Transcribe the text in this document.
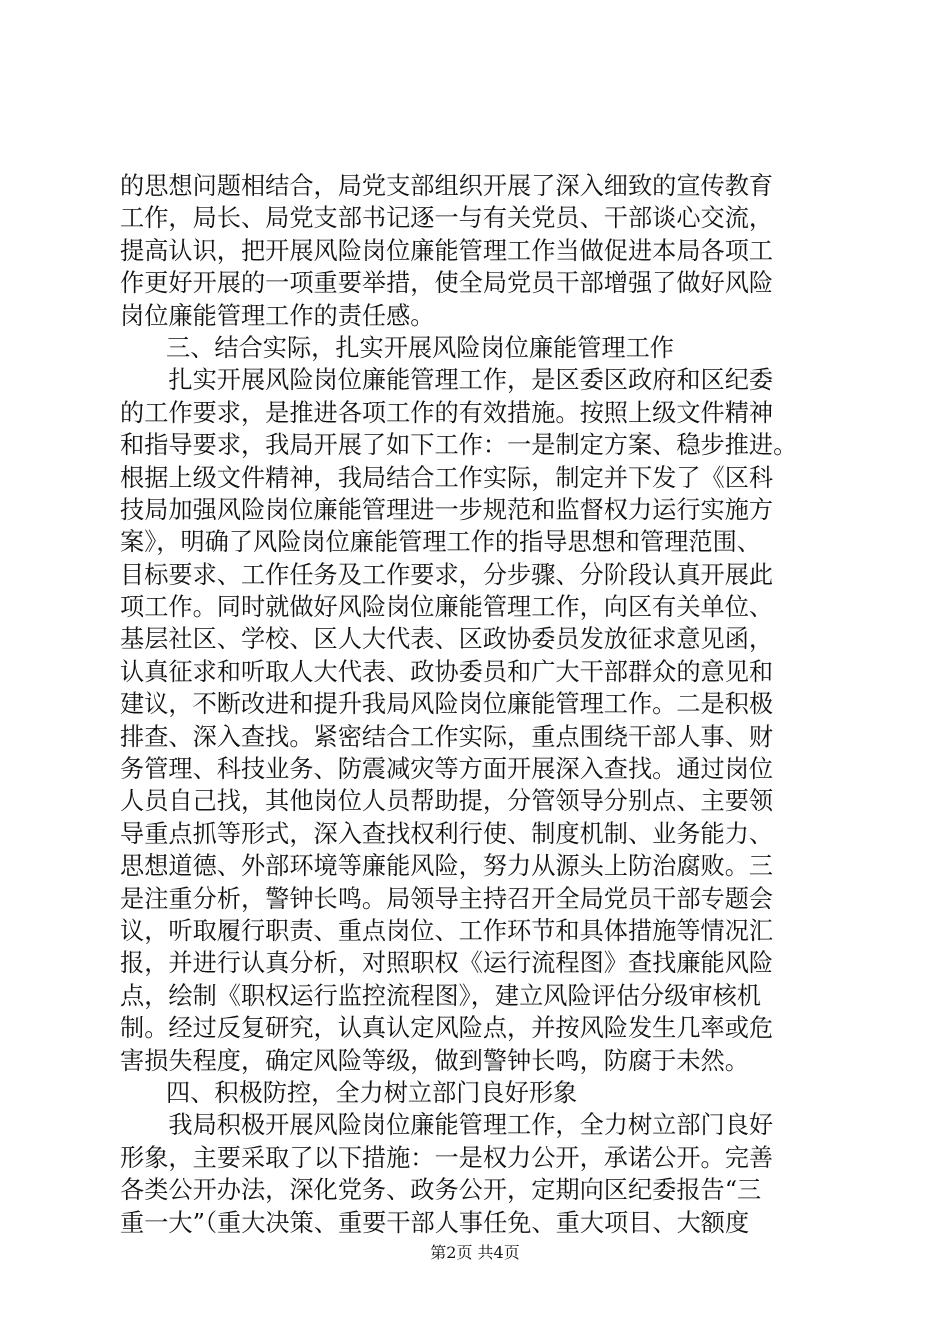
的思想问题相结合，局党支部组织开展了深入细致的宣传教育
工作，局长、局党支部书记逐一与有关党员、干部谈心交流，
提高认识，把开展风险岗位廉能管理工作当做促进本局各项工
作更好开展的一项重要举措，使全局党员干部增强了做好风险
岗位廉能管理工作的责任感。
三、结合实际，扎实开展风险岗位廉能管理工作
　　扎实开展风险岗位廉能管理工作，是区委区政府和区纪委
的工作要求，是推进各项工作的有效措施。按照上级文件精神
和指导要求，我局开展了如下工作：一是制定方案、稳步推进。
根据上级文件精神，我局结合工作实际，制定并下发了《区科
技局加强风险岗位廉能管理进一步规范和监督权力运行实施方
案》，明确了风险岗位廉能管理工作的指导思想和管理范围、
目标要求、工作任务及工作要求，分步骤、分阶段认真开展此
项工作。同时就做好风险岗位廉能管理工作，向区有关单位、
基层社区、学校、区人大代表、区政协委员发放征求意见函，
认真征求和听取人大代表、政协委员和广大干部群众的意见和
建议，不断改进和提升我局风险岗位廉能管理工作。二是积极
排查、深入查找。紧密结合工作实际，重点围绕干部人事、财
务管理、科技业务、防震减灾等方面开展深入查找。通过岗位
人员自己找，其他岗位人员帮助提，分管领导分别点、主要领
导重点抓等形式，深入查找权利行使、制度机制、业务能力、
思想道德、外部环境等廉能风险，努力从源头上防治腐败。三
是注重分析，警钟长鸣。局领导主持召开全局党员干部专题会
议，听取履行职责、重点岗位、工作环节和具体措施等情况汇
报，并进行认真分析，对照职权《运行流程图》查找廉能风险
点，绘制《职权运行监控流程图》，建立风险评估分级审核机
制。经过反复研究，认真认定风险点，并按风险发生几率或危
害损失程度，确定风险等级，做到警钟长鸣，防腐于未然。
四、积极防控，全力树立部门良好形象
　　我局积极开展风险岗位廉能管理工作，全力树立部门良好
形象，主要采取了以下措施：一是权力公开，承诺公开。完善
各类公开办法，深化党务、政务公开，定期向区纪委报告“三
重一大”（重大决策、重要干部人事任免、重大项目、大额度
第2页 共4页
